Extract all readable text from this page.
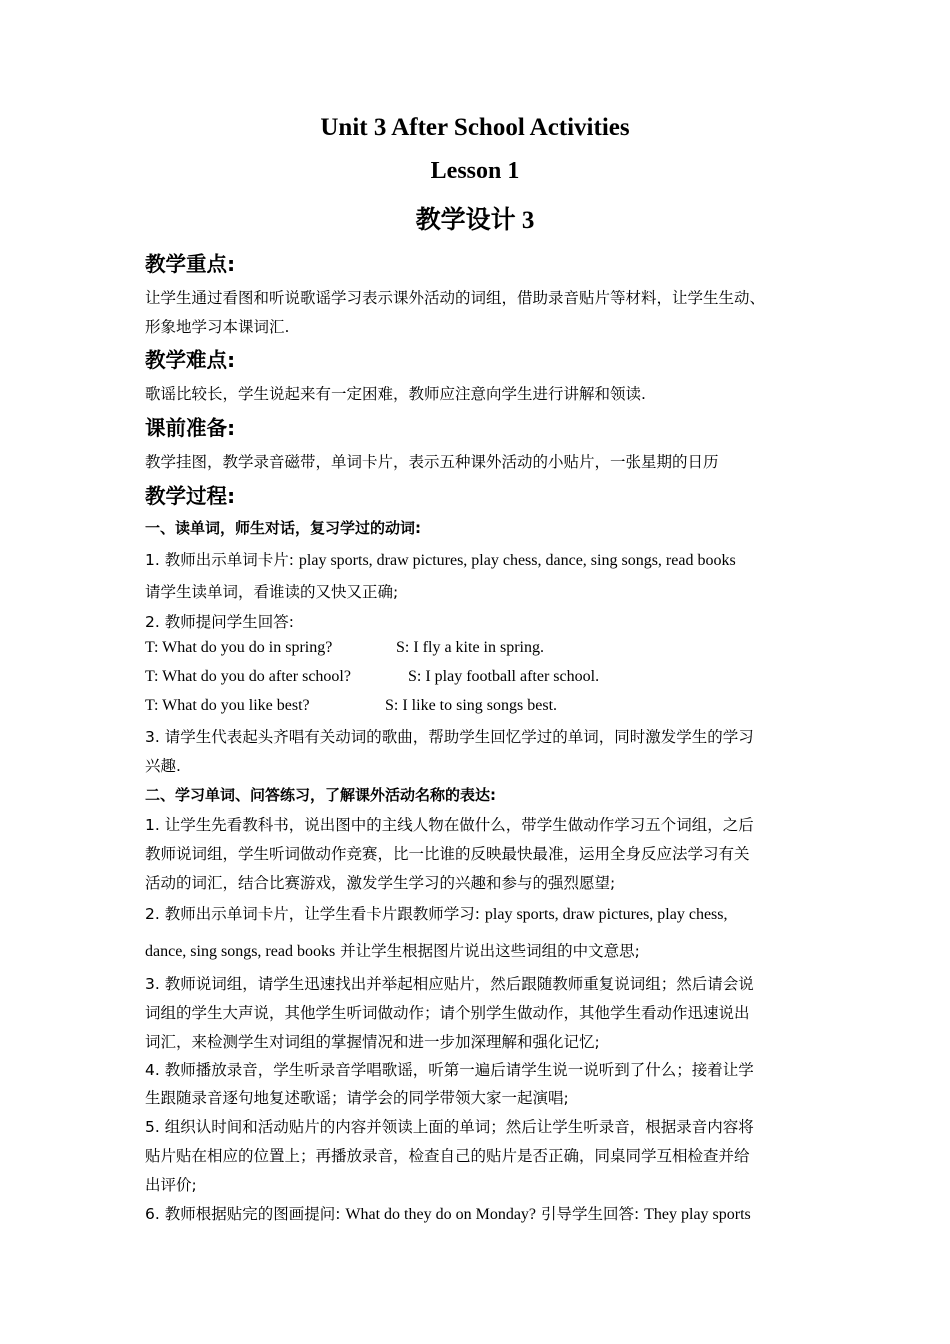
Unit 3 After School Activities
Lesson 1
教学设计 3
教学重点:
让学生通过看图和听说歌谣学习表示课外活动的词组，借助录音贴片等材料，让学生生动、
形象地学习本课词汇.
教学难点:
歌谣比较长，学生说起来有一定困难，教师应注意向学生进行讲解和领读.
课前准备:
教学挂图，教学录音磁带，单词卡片，表示五种课外活动的小贴片，一张星期的日历
教学过程:
一、读单词，师生对话，复习学过的动词:
1. 教师出示单词卡片: play sports, draw pictures, play chess, dance, sing songs, read books
请学生读单词，看谁读的又快又正确;
2. 教师提问学生回答:
T: What do you do in spring?	S: I fly a kite in spring.
T: What do you do after school?	S: I play football after school.
T: What do you like best?	S: I like to sing songs best.
3. 请学生代表起头齐唱有关动词的歌曲，帮助学生回忆学过的单词，同时激发学生的学习
兴趣.
二、学习单词、问答练习，了解课外活动名称的表达:
1. 让学生先看教科书，说出图中的主线人物在做什么，带学生做动作学习五个词组，之后
教师说词组，学生听词做动作竞赛，比一比谁的反映最快最准，运用全身反应法学习有关
活动的词汇，结合比赛游戏，激发学生学习的兴趣和参与的强烈愿望;
2. 教师出示单词卡片，让学生看卡片跟教师学习: play sports, draw pictures, play chess,
dance, sing songs, read books 并让学生根据图片说出这些词组的中文意思;
3. 教师说词组，请学生迅速找出并举起相应贴片，然后跟随教师重复说词组；然后请会说
词组的学生大声说，其他学生听词做动作；请个别学生做动作，其他学生看动作迅速说出
词汇，来检测学生对词组的掌握情况和进一步加深理解和强化记忆;
4. 教师播放录音，学生听录音学唱歌谣，听第一遍后请学生说一说听到了什么；接着让学
生跟随录音逐句地复述歌谣；请学会的同学带领大家一起演唱;
5. 组织认时间和活动贴片的内容并领读上面的单词；然后让学生听录音，根据录音内容将
贴片贴在相应的位置上；再播放录音，检查自己的贴片是否正确，同桌同学互相检查并给
出评价;
6. 教师根据贴完的图画提问: What do they do on Monday? 引导学生回答: They play sports
